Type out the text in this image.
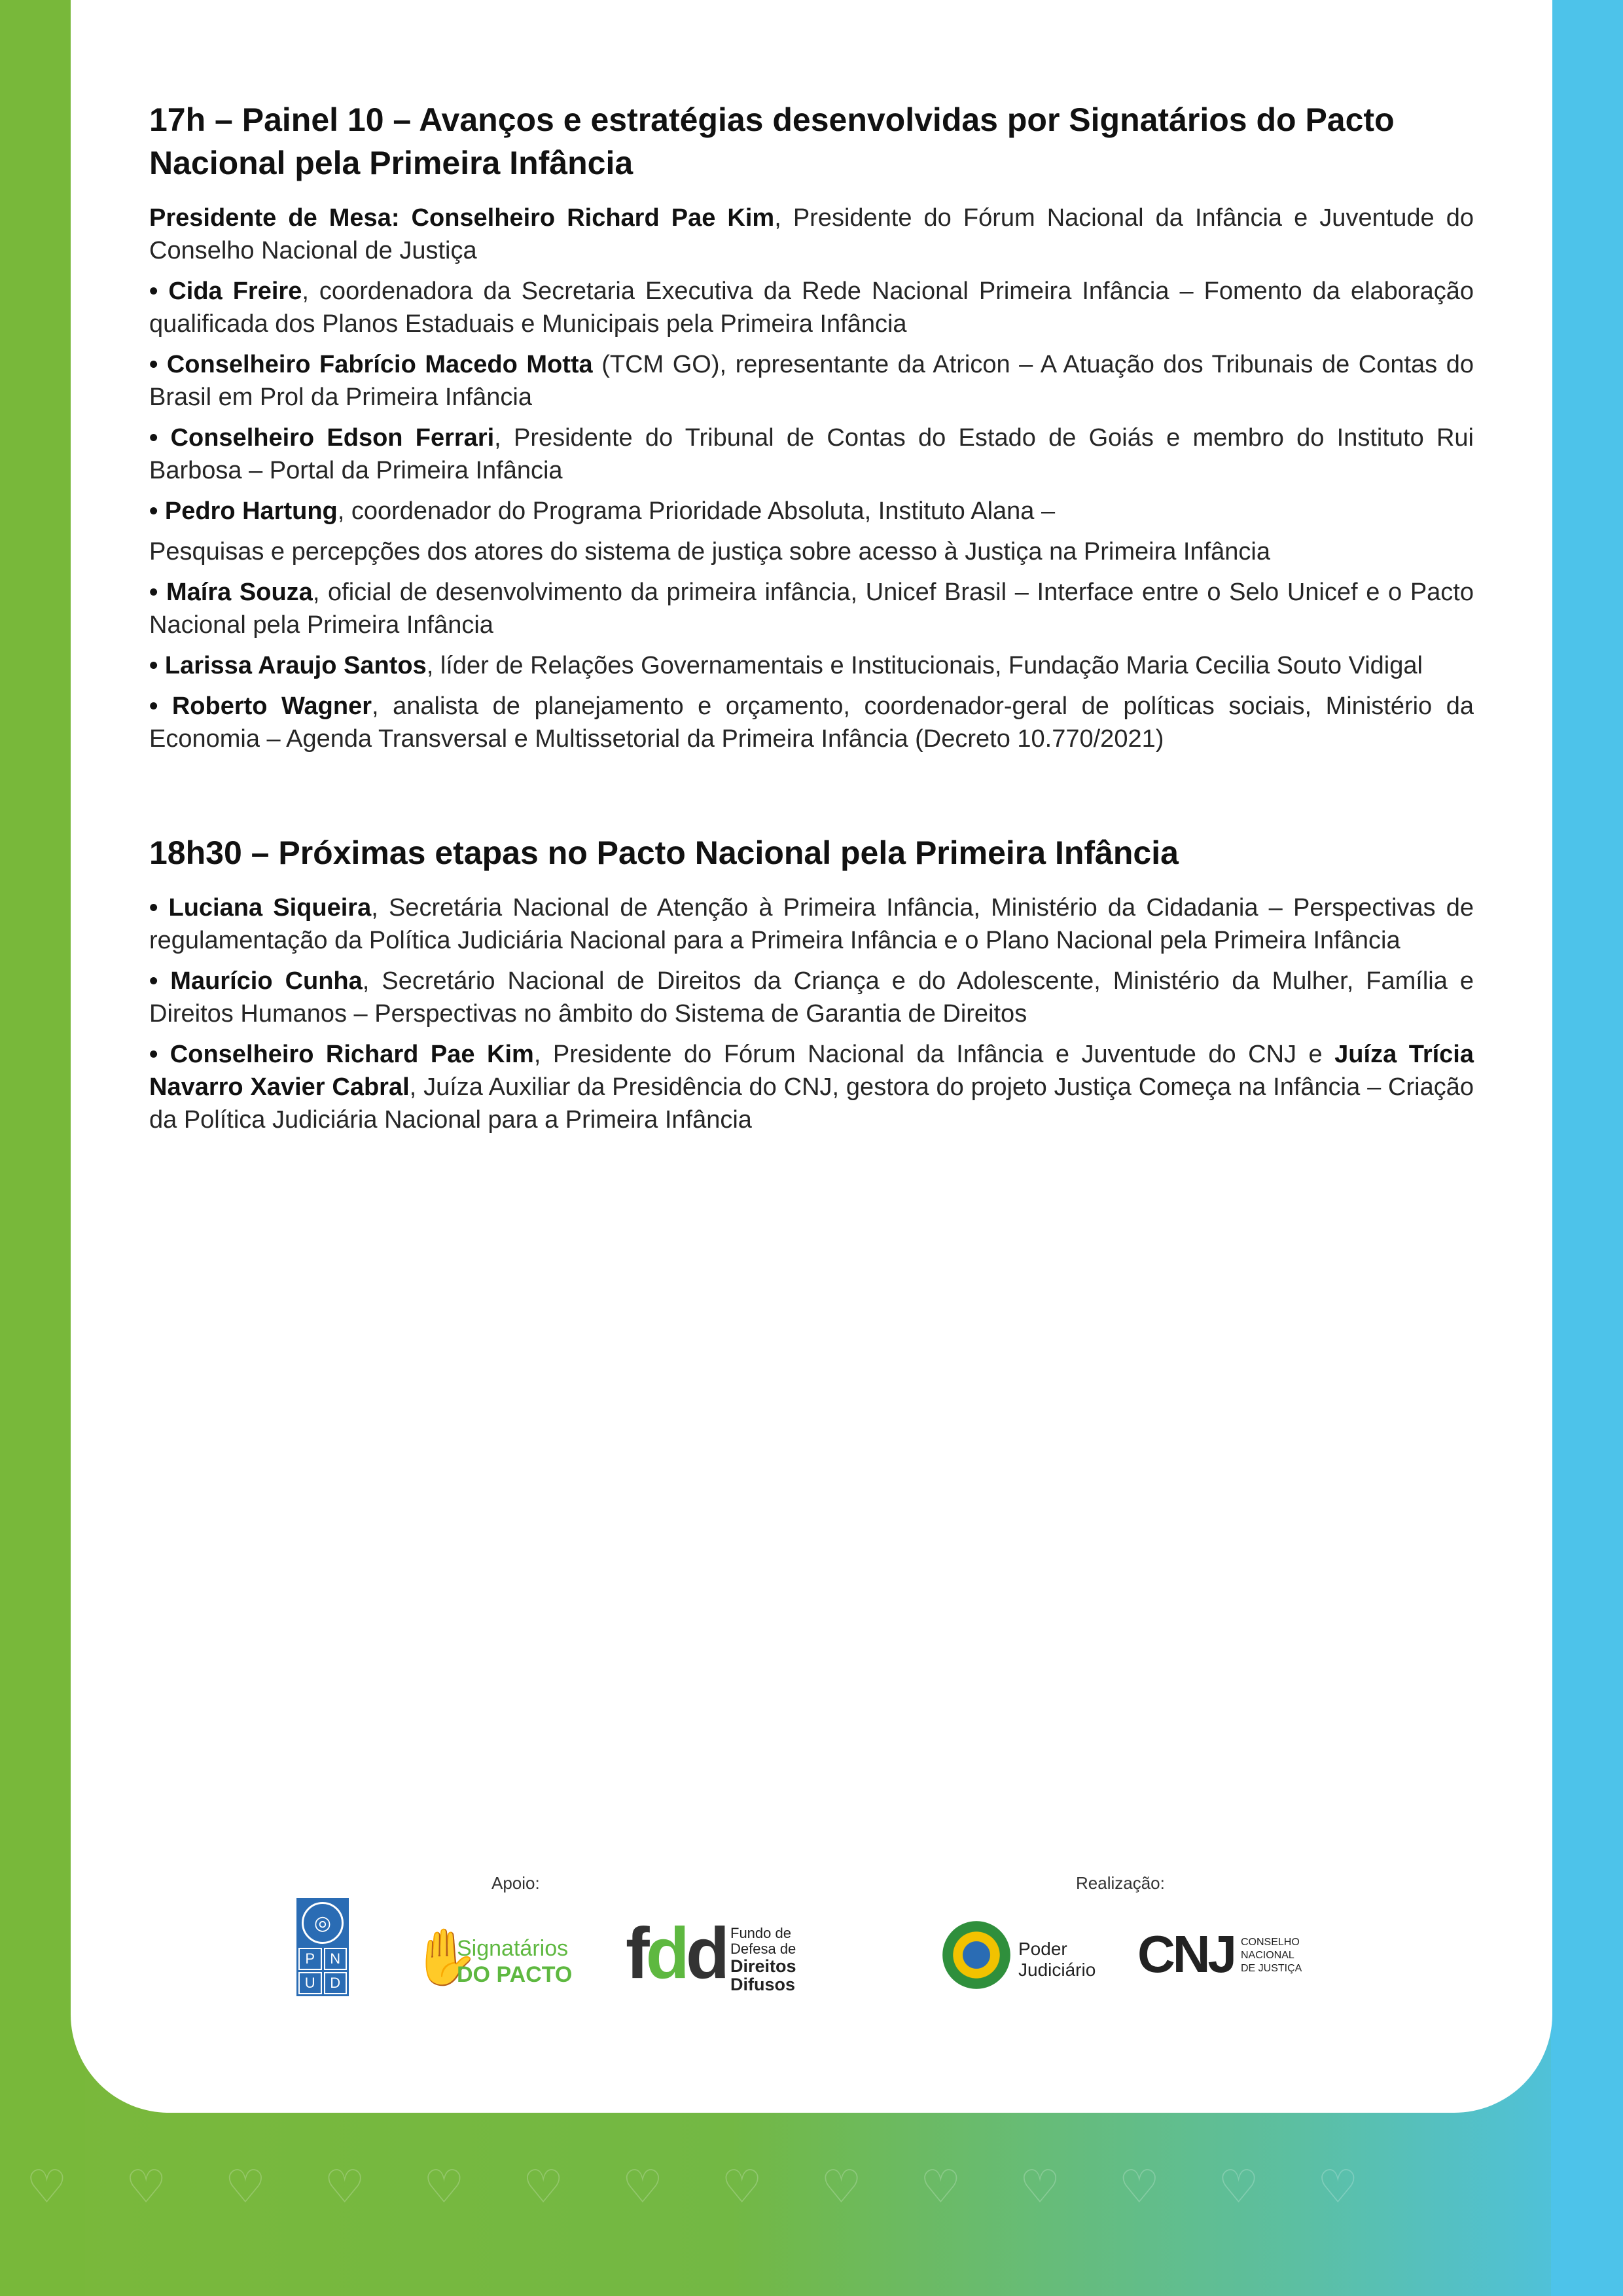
♡    ♡    ♡    ♡    ♡    ♡    ♡    ♡    ♡    ♡    ♡    ♡    ♡    ♡
17h – Painel 10 – Avanços e estratégias desenvolvidas por Signatários do Pacto Nacional pela Primeira Infância

Presidente de Mesa: Conselheiro Richard Pae Kim, Presidente do Fórum Nacional da Infância e Juventude do Conselho Nacional de Justiça

• Cida Freire, coordenadora da Secretaria Executiva da Rede Nacional Primeira Infância – Fomento da elaboração qualificada dos Planos Estaduais e Municipais pela Primeira Infância

• Conselheiro Fabrício Macedo Motta (TCM GO), representante da Atricon – A Atuação dos Tribunais de Contas do Brasil em Prol da Primeira Infância

• Conselheiro Edson Ferrari, Presidente do Tribunal de Contas do Estado de Goiás e membro do Instituto Rui Barbosa – Portal da Primeira Infância

• Pedro Hartung, coordenador do Programa Prioridade Absoluta, Instituto Alana –

Pesquisas e percepções dos atores do sistema de justiça sobre acesso à Justiça na Primeira Infância

• Maíra Souza, oficial de desenvolvimento da primeira infância, Unicef Brasil – Interface entre o Selo Unicef e o Pacto Nacional pela Primeira Infância

• Larissa Araujo Santos, líder de Relações Governamentais e Institucionais, Fundação Maria Cecilia Souto Vidigal

• Roberto Wagner, analista de planejamento e orçamento, coordenador-geral de políticas sociais, Ministério da Economia – Agenda Transversal e Multissetorial da Primeira Infância (Decreto 10.770/2021)

18h30 – Próximas etapas no Pacto Nacional pela Primeira Infância

• Luciana Siqueira, Secretária Nacional de Atenção à Primeira Infância, Ministério da Cidadania – Perspectivas de regulamentação da Política Judiciária Nacional para a Primeira Infância e o Plano Nacional pela Primeira Infância

• Maurício Cunha, Secretário Nacional de Direitos da Criança e do Adolescente, Ministério da Mulher, Família e Direitos Humanos – Perspectivas no âmbito do Sistema de Garantia de Direitos

• Conselheiro Richard Pae Kim, Presidente do Fórum Nacional da Infância e Juventude do CNJ e Juíza Trícia Navarro Xavier Cabral, Juíza Auxiliar da Presidência do CNJ, gestora do projeto Justiça Começa na Infância – Criação da Política Judiciária Nacional para a Primeira Infância

Apoio:	Realização:
◎
P	N
U	D ✋
Signatários
DO PACTO fdd Fundo de
Defesa de
Direitos
Difusos
Poder
Judiciário CNJ CONSELHO
NACIONAL
DE JUSTIÇA
